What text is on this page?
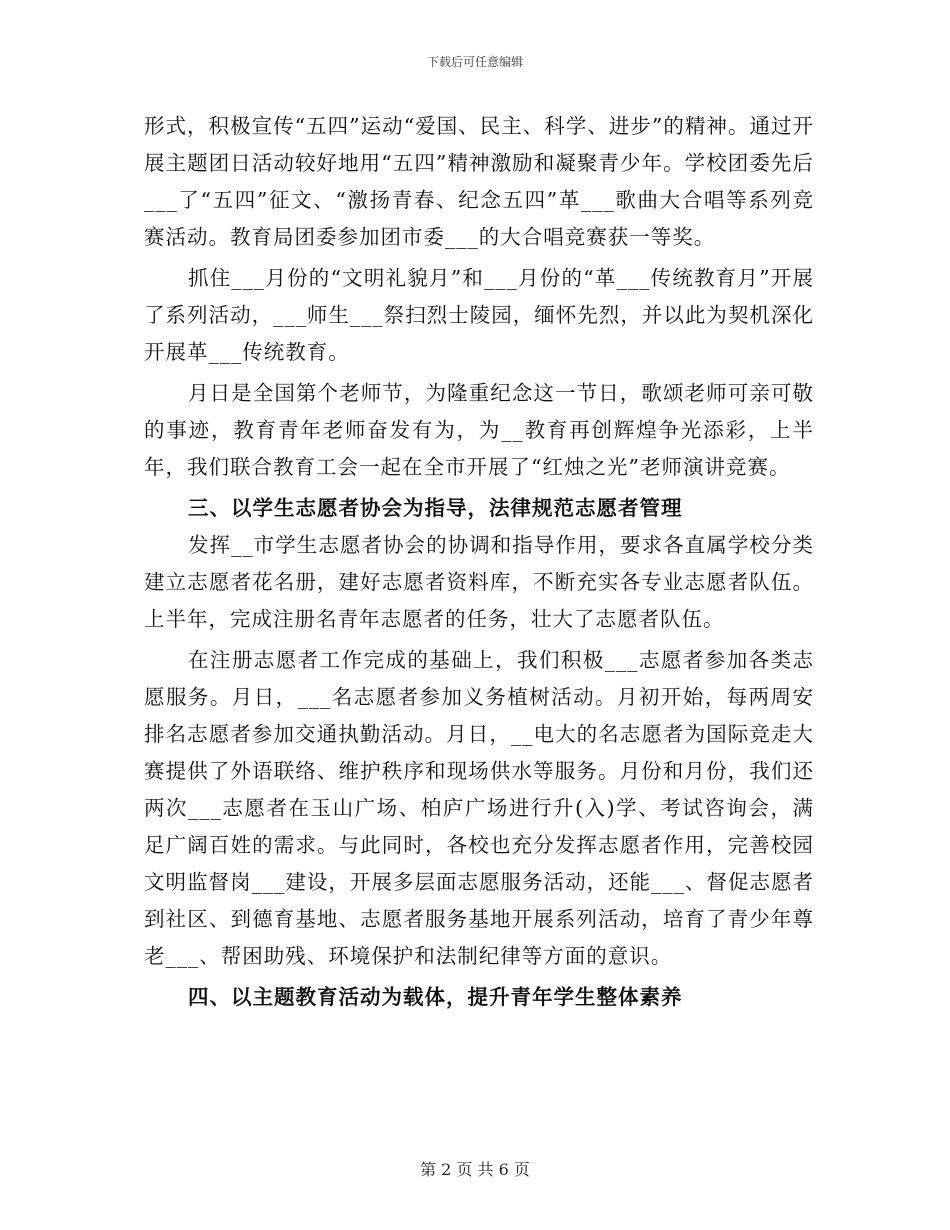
下载后可任意编辑

形式，积极宣传“五四”运动“爱国、民主、科学、进步”的精神。通过开展主题团日活动较好地用“五四”精神激励和凝聚青少年。学校团委先后___了“五四”征文、“激扬青春、纪念五四”革___歌曲大合唱等系列竞赛活动。教育局团委参加团市委___的大合唱竞赛获一等奖。

抓住___月份的“文明礼貌月”和___月份的“革___传统教育月”开展了系列活动，___师生___祭扫烈士陵园，缅怀先烈，并以此为契机深化开展革___传统教育。

月日是全国第个老师节，为隆重纪念这一节日，歌颂老师可亲可敬的事迹，教育青年老师奋发有为，为__教育再创辉煌争光添彩，上半年，我们联合教育工会一起在全市开展了“红烛之光”老师演讲竞赛。

三、以学生志愿者协会为指导，法律规范志愿者管理

发挥__市学生志愿者协会的协调和指导作用，要求各直属学校分类建立志愿者花名册，建好志愿者资料库，不断充实各专业志愿者队伍。上半年，完成注册名青年志愿者的任务，壮大了志愿者队伍。

在注册志愿者工作完成的基础上，我们积极___志愿者参加各类志愿服务。月日，___名志愿者参加义务植树活动。月初开始，每两周安排名志愿者参加交通执勤活动。月日，__电大的名志愿者为国际竞走大赛提供了外语联络、维护秩序和现场供水等服务。月份和月份，我们还两次___志愿者在玉山广场、柏庐广场进行升(入)学、考试咨询会，满足广阔百姓的需求。与此同时，各校也充分发挥志愿者作用，完善校园文明监督岗___建设，开展多层面志愿服务活动，还能___、督促志愿者到社区、到德育基地、志愿者服务基地开展系列活动，培育了青少年尊老___、帮困助残、环境保护和法制纪律等方面的意识。

四、以主题教育活动为载体，提升青年学生整体素养

第 2 页 共 6 页
